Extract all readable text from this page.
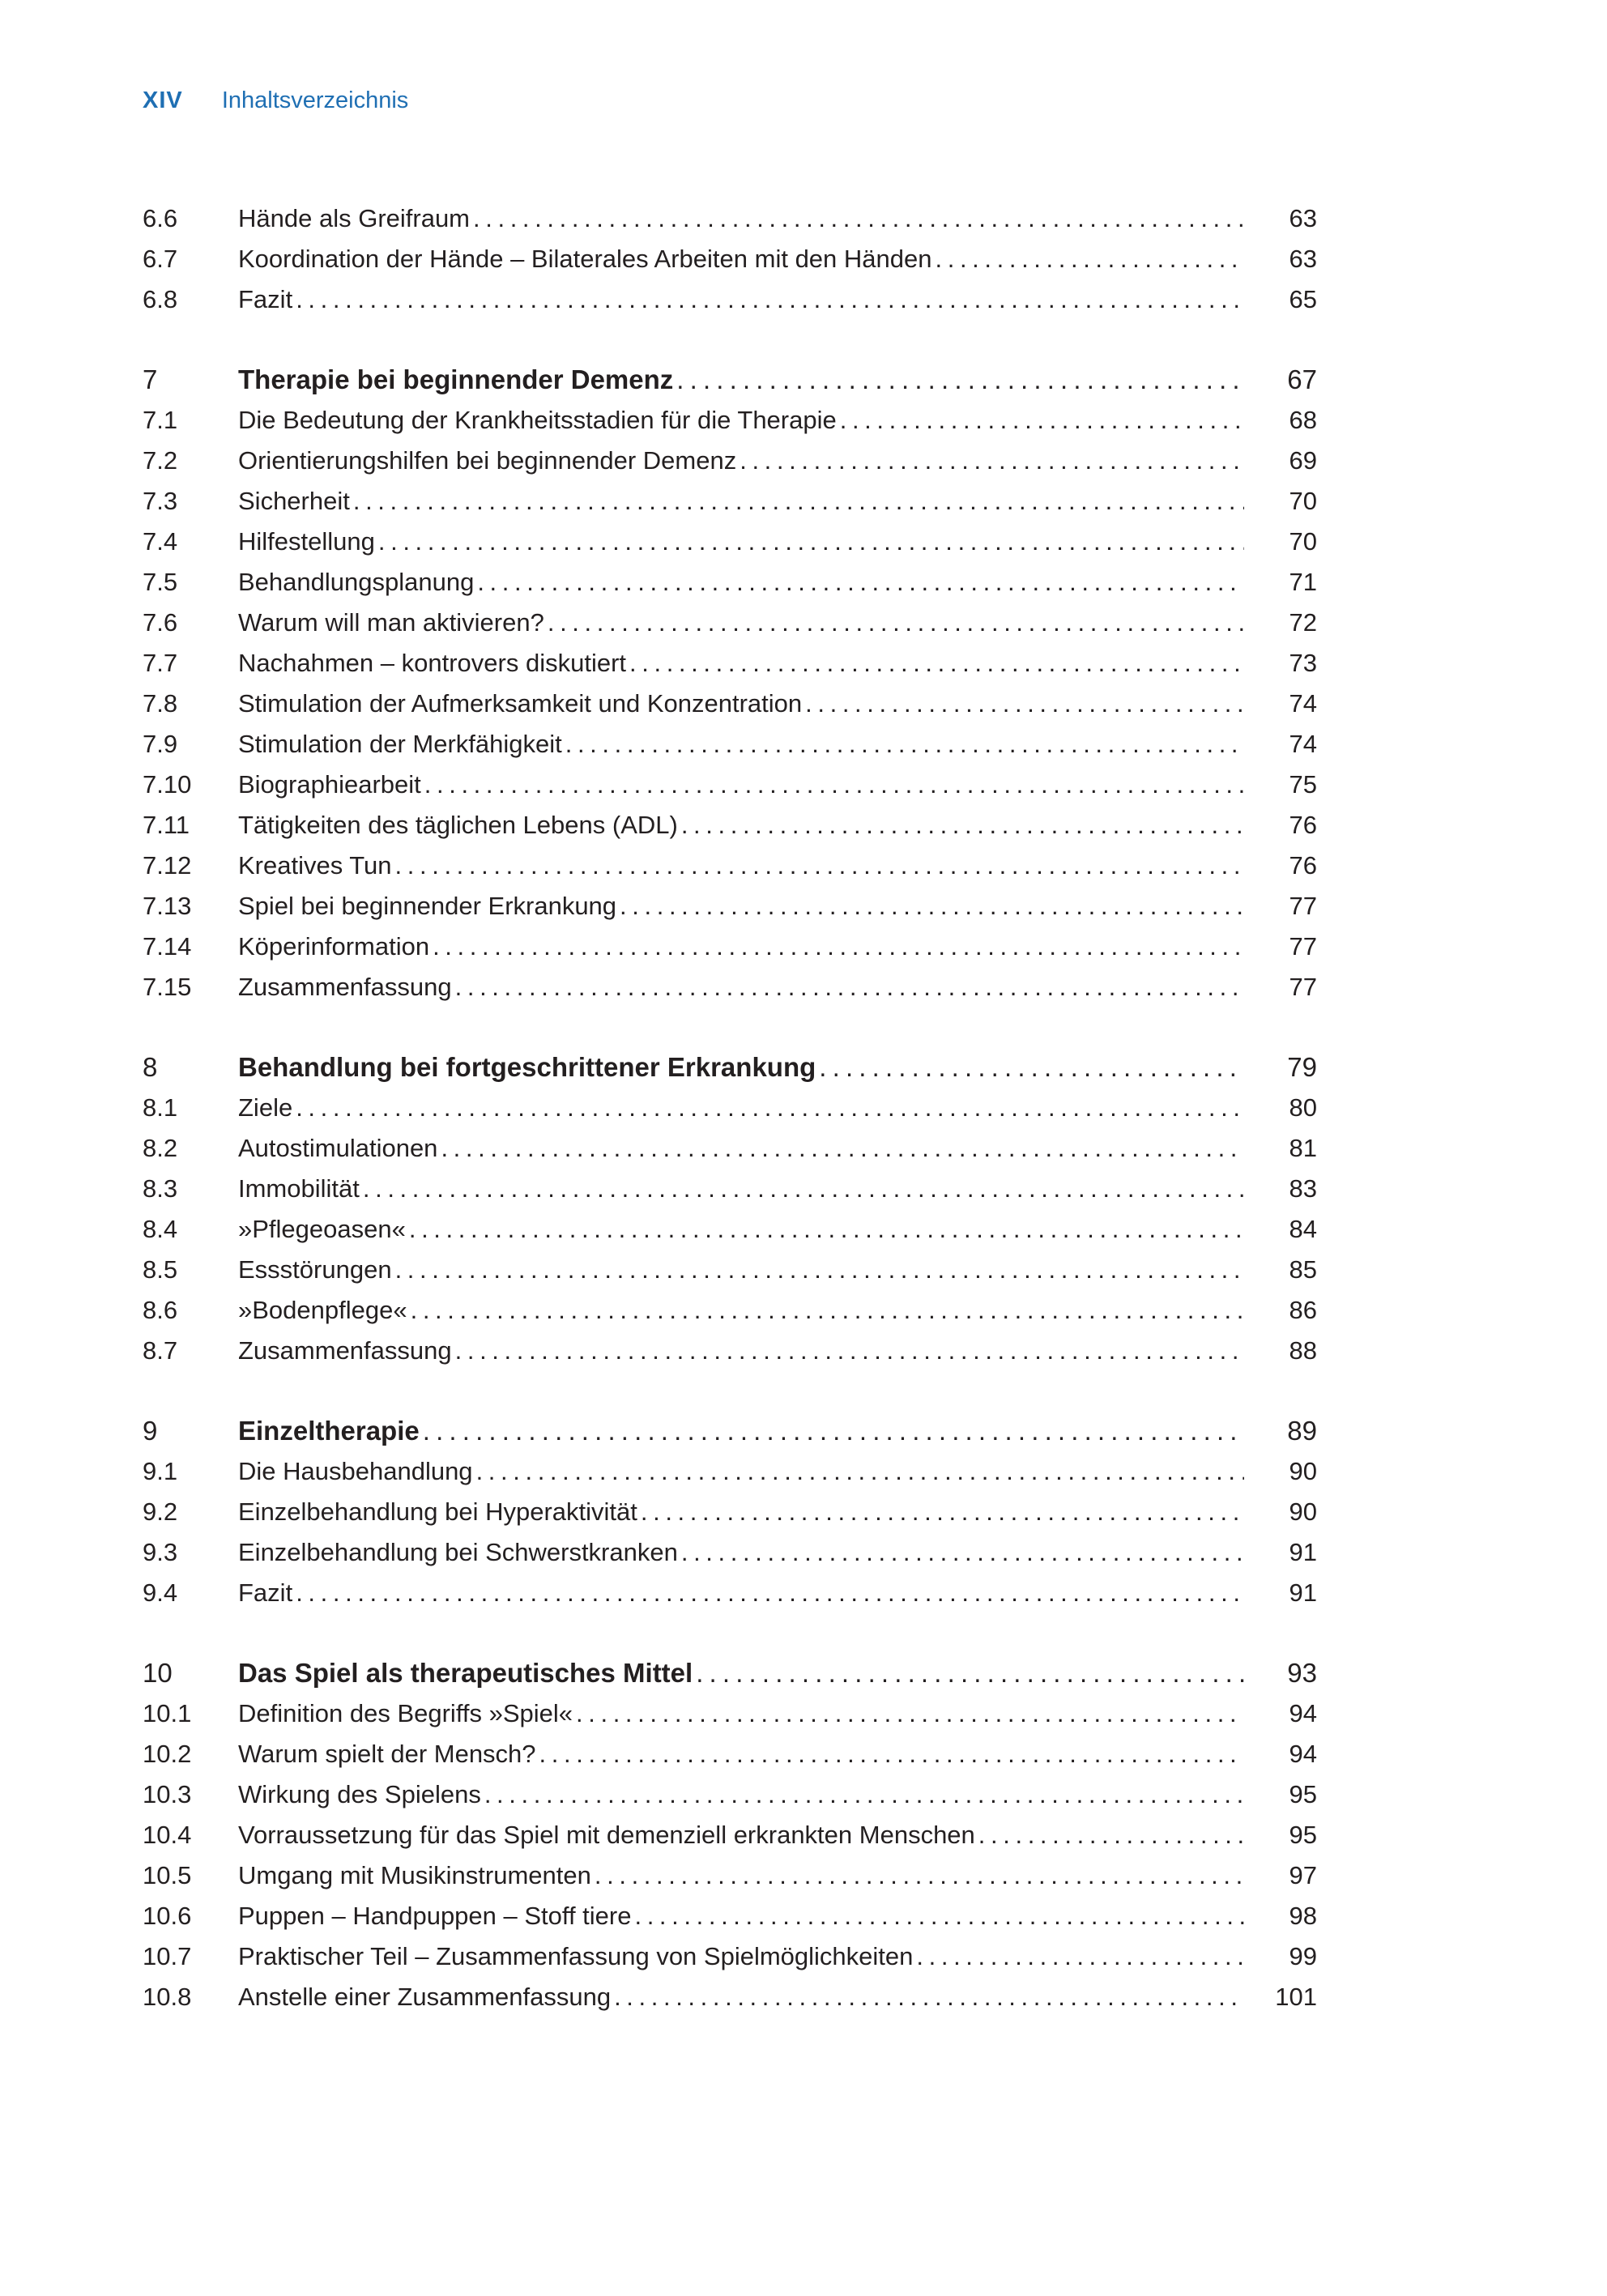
XIV Inhaltsverzeichnis
6.6	Hände als Greifraum . . .	63
6.7	Koordination der Hände – Bilaterales Arbeiten mit den Händen . . .	63
6.8	Fazit . . .	65
7	Therapie bei beginnender Demenz . . .	67
7.1	Die Bedeutung der Krankheitsstadien für die Therapie . . .	68
7.2	Orientierungshilfen bei beginnender Demenz . . .	69
7.3	Sicherheit . . .	70
7.4	Hilfestellung . . .	70
7.5	Behandlungsplanung . . .	71
7.6	Warum will man aktivieren? . . .	72
7.7	Nachahmen – kontrovers diskutiert . . .	73
7.8	Stimulation der Aufmerksamkeit und Konzentration . . .	74
7.9	Stimulation der Merkfähigkeit . . .	74
7.10	Biographiearbeit . . .	75
7.11	Tätigkeiten des täglichen Lebens (ADL) . . .	76
7.12	Kreatives Tun . . .	76
7.13	Spiel bei beginnender Erkrankung . . .	77
7.14	Köperinformation . . .	77
7.15	Zusammenfassung . . .	77
8	Behandlung bei fortgeschrittener Erkrankung . . .	79
8.1	Ziele . . .	80
8.2	Autostimulationen . . .	81
8.3	Immobilität . . .	83
8.4	»Pflegeoasen« . . .	84
8.5	Essstörungen . . .	85
8.6	»Bodenpflege« . . .	86
8.7	Zusammenfassung . . .	88
9	Einzeltherapie . . .	89
9.1	Die Hausbehandlung . . .	90
9.2	Einzelbehandlung bei Hyperaktivität . . .	90
9.3	Einzelbehandlung bei Schwerstkranken . . .	91
9.4	Fazit . . .	91
10	Das Spiel als therapeutisches Mittel . . .	93
10.1	Definition des Begriffs »Spiel« . . .	94
10.2	Warum spielt der Mensch? . . .	94
10.3	Wirkung des Spielens . . .	95
10.4	Vorraussetzung für das Spiel mit demenziell erkrankten Menschen . . .	95
10.5	Umgang mit Musikinstrumenten . . .	97
10.6	Puppen – Handpuppen – Stoff tiere . . .	98
10.7	Praktischer Teil – Zusammenfassung von Spielmöglichkeiten . . .	99
10.8	Anstelle einer Zusammenfassung . . .	101
